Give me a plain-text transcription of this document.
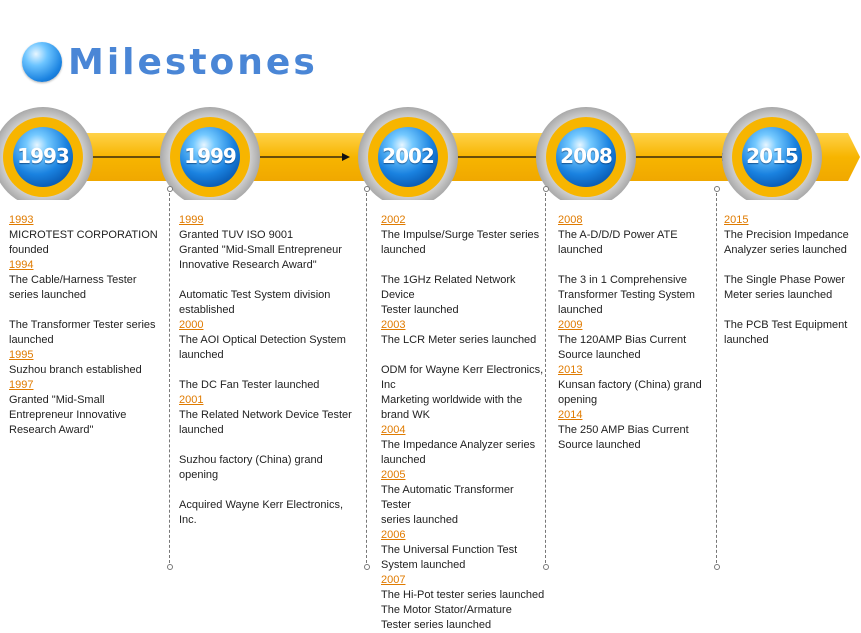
Milestones
1993	1999	2002	2008	2015
1993
MICROTEST CORPORATION
founded
1994
The Cable/Harness Tester
series launched
The Transformer Tester series
launched
1995
Suzhou branch established
1997
Granted "Mid-Small
Entrepreneur Innovative
Research Award"
1999
Granted TUV ISO 9001
Granted "Mid-Small Entrepreneur
Innovative Research Award"
Automatic Test System division
established
2000
The AOI Optical Detection System
launched
The DC Fan Tester launched
2001
The Related Network Device Tester
launched
Suzhou factory (China) grand
opening
Acquired Wayne Kerr Electronics,
Inc.
2002
The Impulse/Surge Tester series
launched
The 1GHz Related Network Device
Tester launched
2003
The LCR Meter series launched
ODM for Wayne Kerr Electronics,
Inc
Marketing worldwide with the
brand WK
2004
The Impedance Analyzer series
launched
2005
The Automatic Transformer Tester
series launched
2006
The Universal Function Test
System launched
2007
The Hi-Pot tester series launched
The Motor Stator/Armature
Tester series launched
2008
The A-D/D/D Power ATE
launched
The 3 in 1 Comprehensive
Transformer Testing System
launched
2009
The 120AMP Bias Current
Source launched
2013
Kunsan factory (China) grand
opening
2014
The 250 AMP Bias Current
Source launched
2015
The Precision Impedance
Analyzer series launched
The Single Phase Power
Meter series launched
The PCB Test Equipment
launched
